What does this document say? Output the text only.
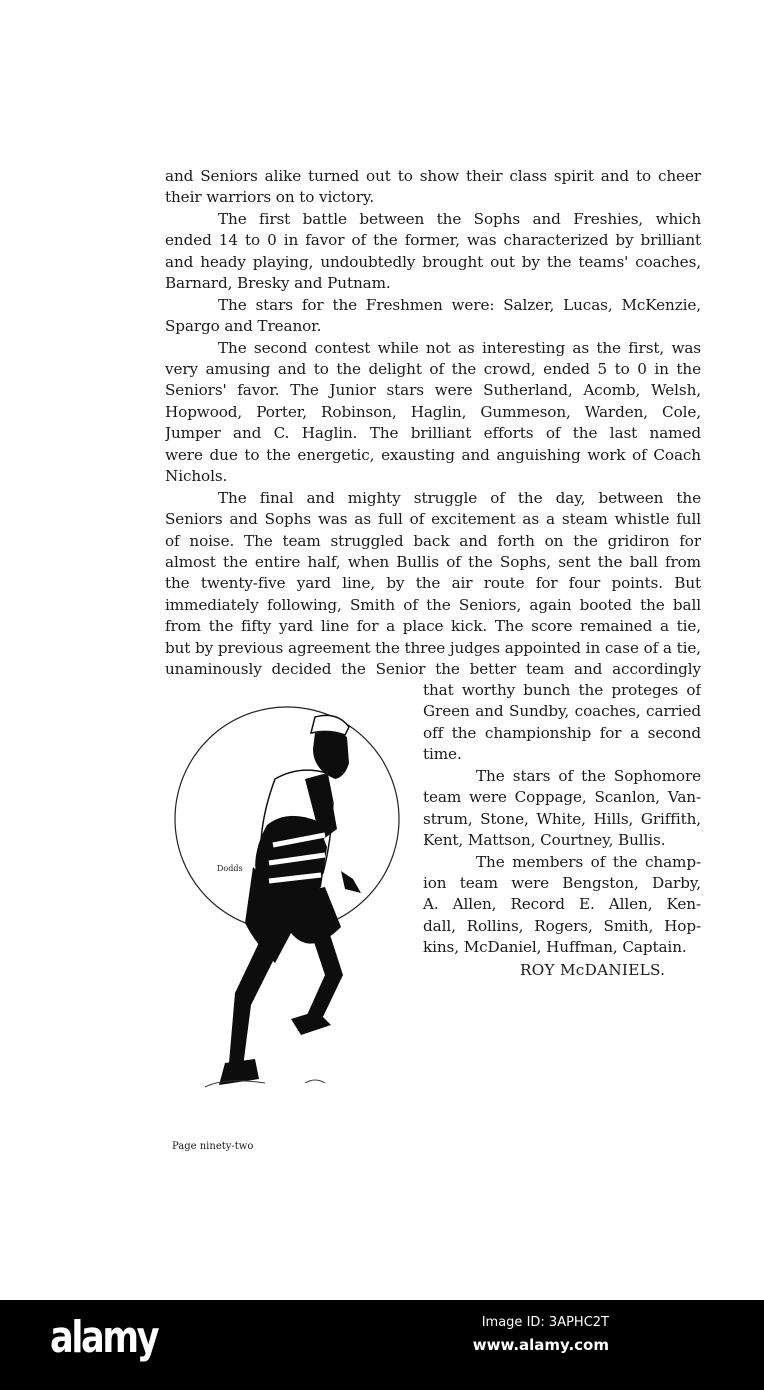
and Seniors alike turned out to show their class spirit and to cheer
their warriors on to victory.
The first battle between the Sophs and Freshies, which
ended 14 to 0 in favor of the former, was characterized by brilliant
and heady playing, undoubtedly brought out by the teams' coaches,
Barnard, Bresky and Putnam.
The stars for the Freshmen were: Salzer, Lucas, McKenzie,
Spargo and Treanor.
The second contest while not as interesting as the first, was
very amusing and to the delight of the crowd, ended 5 to 0 in the
Seniors' favor. The Junior stars were Sutherland, Acomb, Welsh,
Hopwood, Porter, Robinson, Haglin, Gummeson, Warden, Cole,
Jumper and C. Haglin. The brilliant efforts of the last named
were due to the energetic, exausting and anguishing work of Coach
Nichols.
The final and mighty struggle of the day, between the
Seniors and Sophs was as full of excitement as a steam whistle full
of noise. The team struggled back and forth on the gridiron for
almost the entire half, when Bullis of the Sophs, sent the ball from
the twenty-five yard line, by the air route for four points. But
immediately following, Smith of the Seniors, again booted the ball
from the fifty yard line for a place kick. The score remained a tie,
but by previous agreement the three judges appointed in case of a tie,
unaminously decided the Senior the better team and accordingly
that worthy bunch the proteges of
Green and Sundby, coaches, carried
off the championship for a second
time.
The stars of the Sophomore
team were Coppage, Scanlon, Van-
strum, Stone, White, Hills, Griffith,
Kent, Mattson, Courtney, Bullis.
The members of the champ-
ion team were Bengston, Darby,
A. Allen, Record E. Allen, Ken-
dall, Rollins, Rogers, Smith, Hop-
kins, McDaniel, Huffman, Captain.
ROY McDANIELS.
Dodds
Page ninety-two
alamy	Image ID: 3APHC2T
www.alamy.com
